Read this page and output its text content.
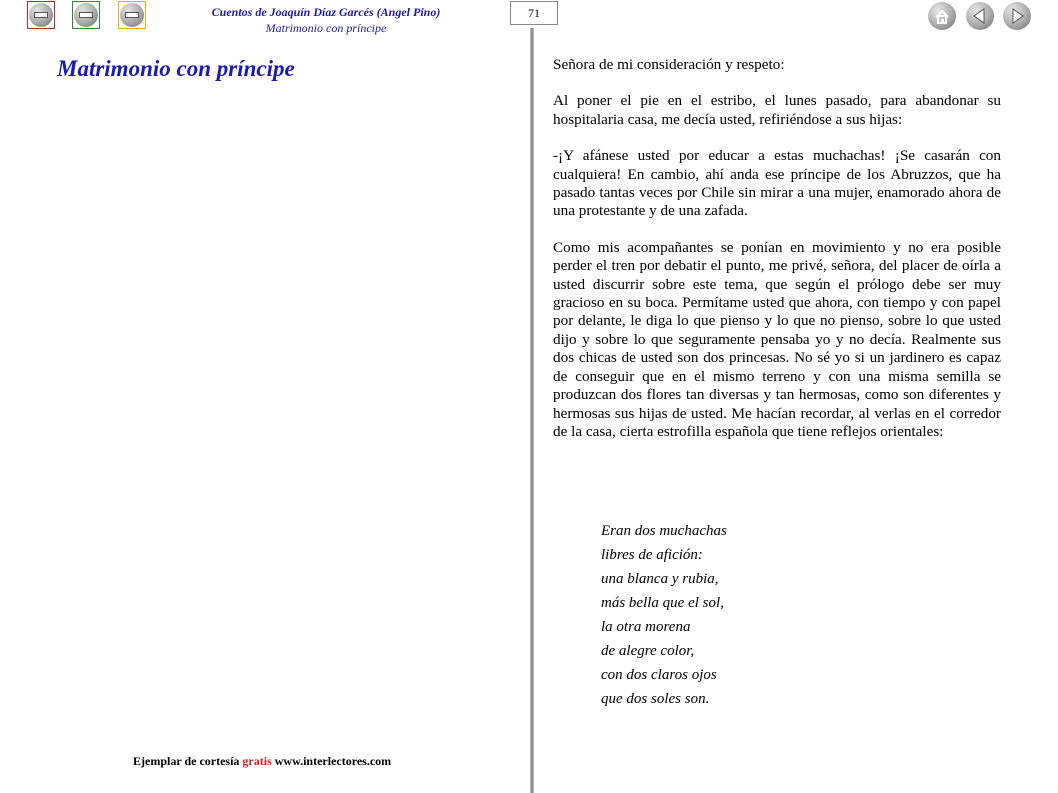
Cuentos de Joaquín Díaz Garcés (Angel Pino)
Matrimonio con príncipe
71
Matrimonio con príncipe
Ejemplar de cortesía gratis www.interlectores.com

Señora de mi consideración y respeto:

Al poner el pie en el estribo, el lunes pasado, para abandonar su hospitalaria casa, me decía usted, refiriéndose a sus hijas:

-¡Y afánese usted por educar a estas muchachas! ¡Se casarán con cualquiera! En cambio, ahí anda ese príncipe de los Abruzzos, que ha pasado tantas veces por Chile sin mirar a una mujer, enamorado ahora de una protestante y de una zafada.

Como mis acompañantes se ponían en movimiento y no era posible perder el tren por debatir el punto, me privé, señora, del placer de oírla a usted discurrir sobre este tema, que según el prólogo debe ser muy gracioso en su boca. Permítame usted que ahora, con tiempo y con papel por delante, le diga lo que pienso y lo que no pienso, sobre lo que usted dijo y sobre lo que seguramente pensaba yo y no decía. Realmente sus dos chicas de usted son dos princesas. No sé yo si un jardinero es capaz de conseguir que en el mismo terreno y con una misma semilla se produzcan dos flores tan diversas y tan hermosas, como son diferentes y hermosas sus hijas de usted. Me hacían recordar, al verlas en el corredor de la casa, cierta estrofilla española que tiene reflejos orientales:

Eran dos muchachas
libres de afición:
una blanca y rubia,
más bella que el sol,
la otra morena
de alegre color,
con dos claros ojos
que dos soles son.
